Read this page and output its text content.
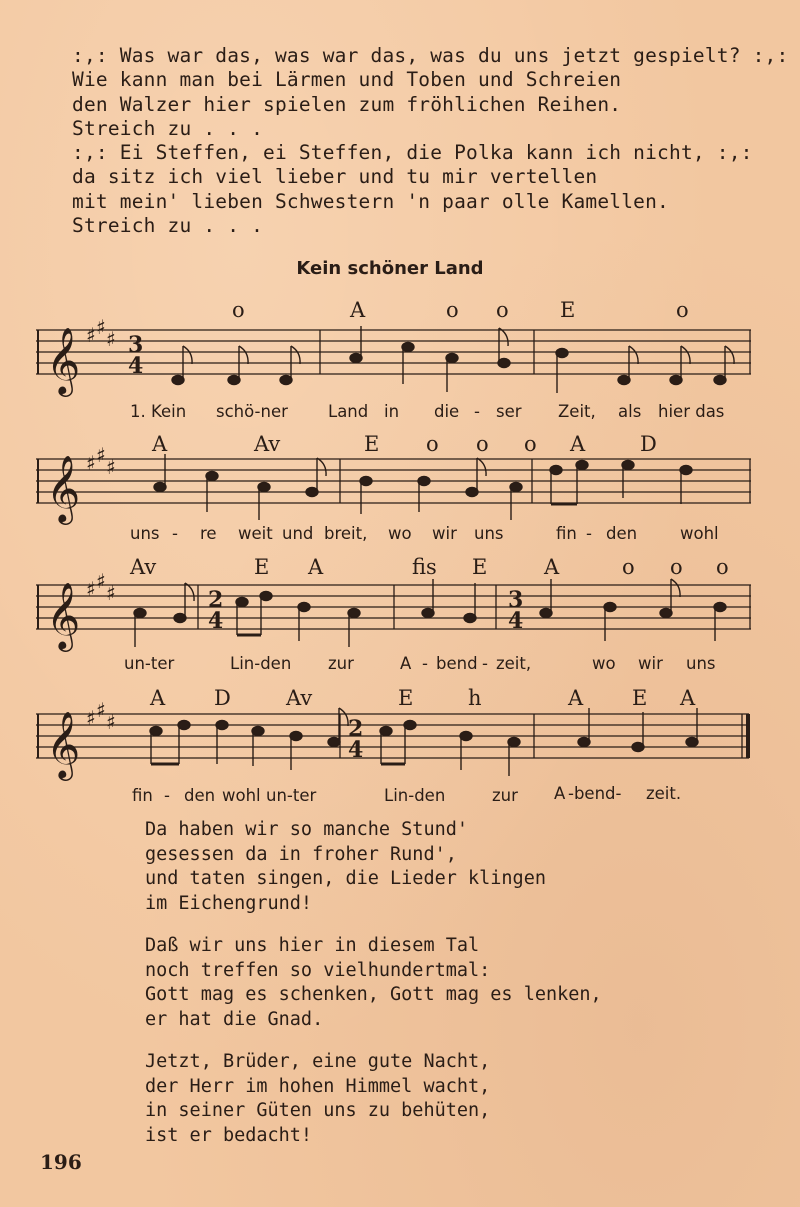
:,: Was war das, was war das, was du uns jetzt gespielt? :,:
Wie kann man bei Lärmen und Toben und Schreien
den Walzer hier spielen zum fröhlichen Reihen.
Streich zu . . .
:,: Ei Steffen, ei Steffen, die Polka kann ich nicht, :,:
da sitz ich viel lieber und tu mir vertellen
mit mein' lieben Schwestern 'n paar olle Kamellen.
Streich zu . . .
Kein schöner Land
𝄞 ♯ ♯ ♯ 3
4
o	A	o o E	o
1. Kein schö-ner Land in die - ser Zeit, als hier das
𝄞 ♯ ♯ ♯
A	Av	E o o o A	D
uns - re weit und breit, wo wir uns	fin - den	wohl
𝄞 ♯ ♯ ♯	2
4
3
4
Av	E A	fis E	A	o o o
un-ter	Lin-den zur	A - bend - zeit,	wo wir uns
𝄞 ♯ ♯ ♯	2
4
A D	Av	E	h	A E A
fin - den wohl un-ter	Lin-den	zur A -bend- zeit.
Da haben wir so manche Stund'
gesessen da in froher Rund',
und taten singen, die Lieder klingen
im Eichengrund!
Daß wir uns hier in diesem Tal
noch treffen so vielhundertmal:
Gott mag es schenken, Gott mag es lenken,
er hat die Gnad.
Jetzt, Brüder, eine gute Nacht,
der Herr im hohen Himmel wacht,
in seiner Güten uns zu behüten,
ist er bedacht!
196
